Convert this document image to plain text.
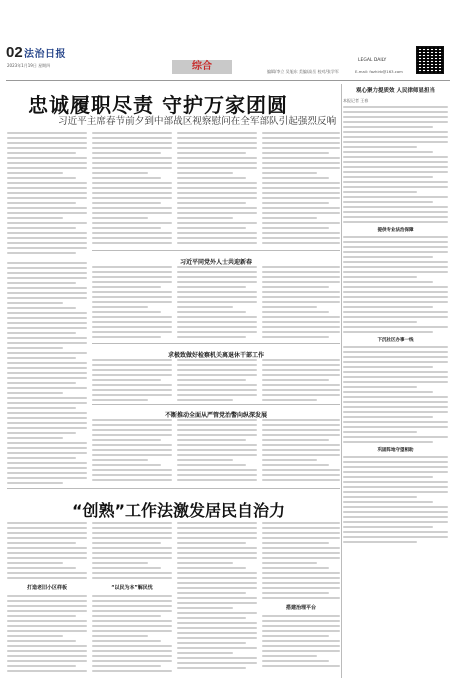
02 法治日报
2023年1月19日 星期四	综合	编辑/李立 吴旭东 美编/高岳 校对/张学军
LEGAL DAILY
E-mail: fazhirb@163.com
忠诚履职尽责 守护万家团圆
习近平主席春节前夕到中部战区视察慰问在全军部队引起强烈反响
习近平同党外人士共迎新春
求极致做好检察机关离退休干部工作
不断推动全面从严管党治警向纵深发展
“创熟”工作法激发居民自治力
打造老旧小区样板	“以民为本”解民忧
搭建治理平台
观心聚力提质效 人民律师显担当
本报记者 王春
提供专业法治保障
下沉社区办事一线
巩固阵地守望相助
